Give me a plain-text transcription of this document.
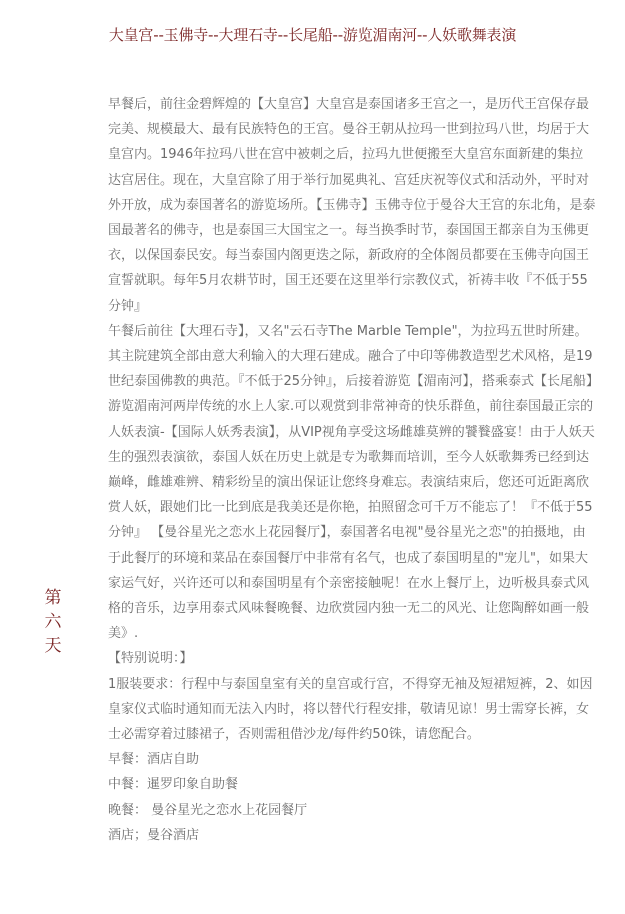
大皇宫--玉佛寺--大理石寺--长尾船--游览湄南河--人妖歌舞表演
第
六
天

早餐后，前往金碧辉煌的【大皇宫】大皇宫是泰国诸多王宫之一，是历代王宫保存最完美、规模最大、最有民族特色的王宫。曼谷王朝从拉玛一世到拉玛八世，均居于大皇宫内。1946年拉玛八世在宫中被刺之后，拉玛九世便搬至大皇宫东面新建的集拉达宫居住。现在，大皇宫除了用于举行加冕典礼、宫廷庆祝等仪式和活动外，平时对外开放，成为泰国著名的游览场所。【玉佛寺】玉佛寺位于曼谷大王宫的东北角，是泰国最著名的佛寺，也是泰国三大国宝之一。每当换季时节，泰国国王都亲自为玉佛更衣，以保国泰民安。每当泰国内阁更迭之际，新政府的全体阁员都要在玉佛寺向国王宣誓就职。每年5月农耕节时，国王还要在这里举行宗教仪式，祈祷丰收『不低于55分钟』

午餐后前往【大理石寺】，又名"云石寺The Marble Temple"，为拉玛五世时所建。其主院建筑全部由意大利输入的大理石建成。融合了中印等佛教造型艺术风格，是19世纪泰国佛教的典范。『不低于25分钟』，后接着游览【湄南河】，搭乘泰式【长尾船】游览湄南河两岸传统的水上人家.可以观赏到非常神奇的快乐群鱼，前往泰国最正宗的人妖表演-【国际人妖秀表演】，从VIP视角享受这场雌雄莫辨的饕餮盛宴！由于人妖天生的强烈表演欲，泰国人妖在历史上就是专为歌舞而培训，至今人妖歌舞秀已经到达巅峰，雌雄难辨、精彩纷呈的演出保证让您终身难忘。表演结束后，您还可近距离欣赏人妖，跟她们比一比到底是我美还是你艳，拍照留念可千万不能忘了！『不低于55分钟』 【曼谷星光之恋水上花园餐厅】，泰国著名电视"曼谷星光之恋"的拍摄地，由于此餐厅的环境和菜品在泰国餐厅中非常有名气，也成了泰国明星的"宠儿"，如果大家运气好，兴许还可以和泰国明星有个亲密接触呢！在水上餐厅上，边听极具泰式风格的音乐，边享用泰式风味餐晚餐、边欣赏园内独一无二的风光、让您陶醉如画一般美》.

【特别说明：】

1服装要求：行程中与泰国皇室有关的皇宫或行宫，不得穿无袖及短裙短裤，2、如因皇家仪式临时通知而无法入内时，将以替代行程安排，敬请见谅！男士需穿长裤，女士必需穿着过膝裙子，否则需租借沙龙/每件约50铢，请您配合。

早餐：酒店自助

中餐：暹罗印象自助餐

晚餐： 曼谷星光之恋水上花园餐厅

酒店；曼谷酒店
